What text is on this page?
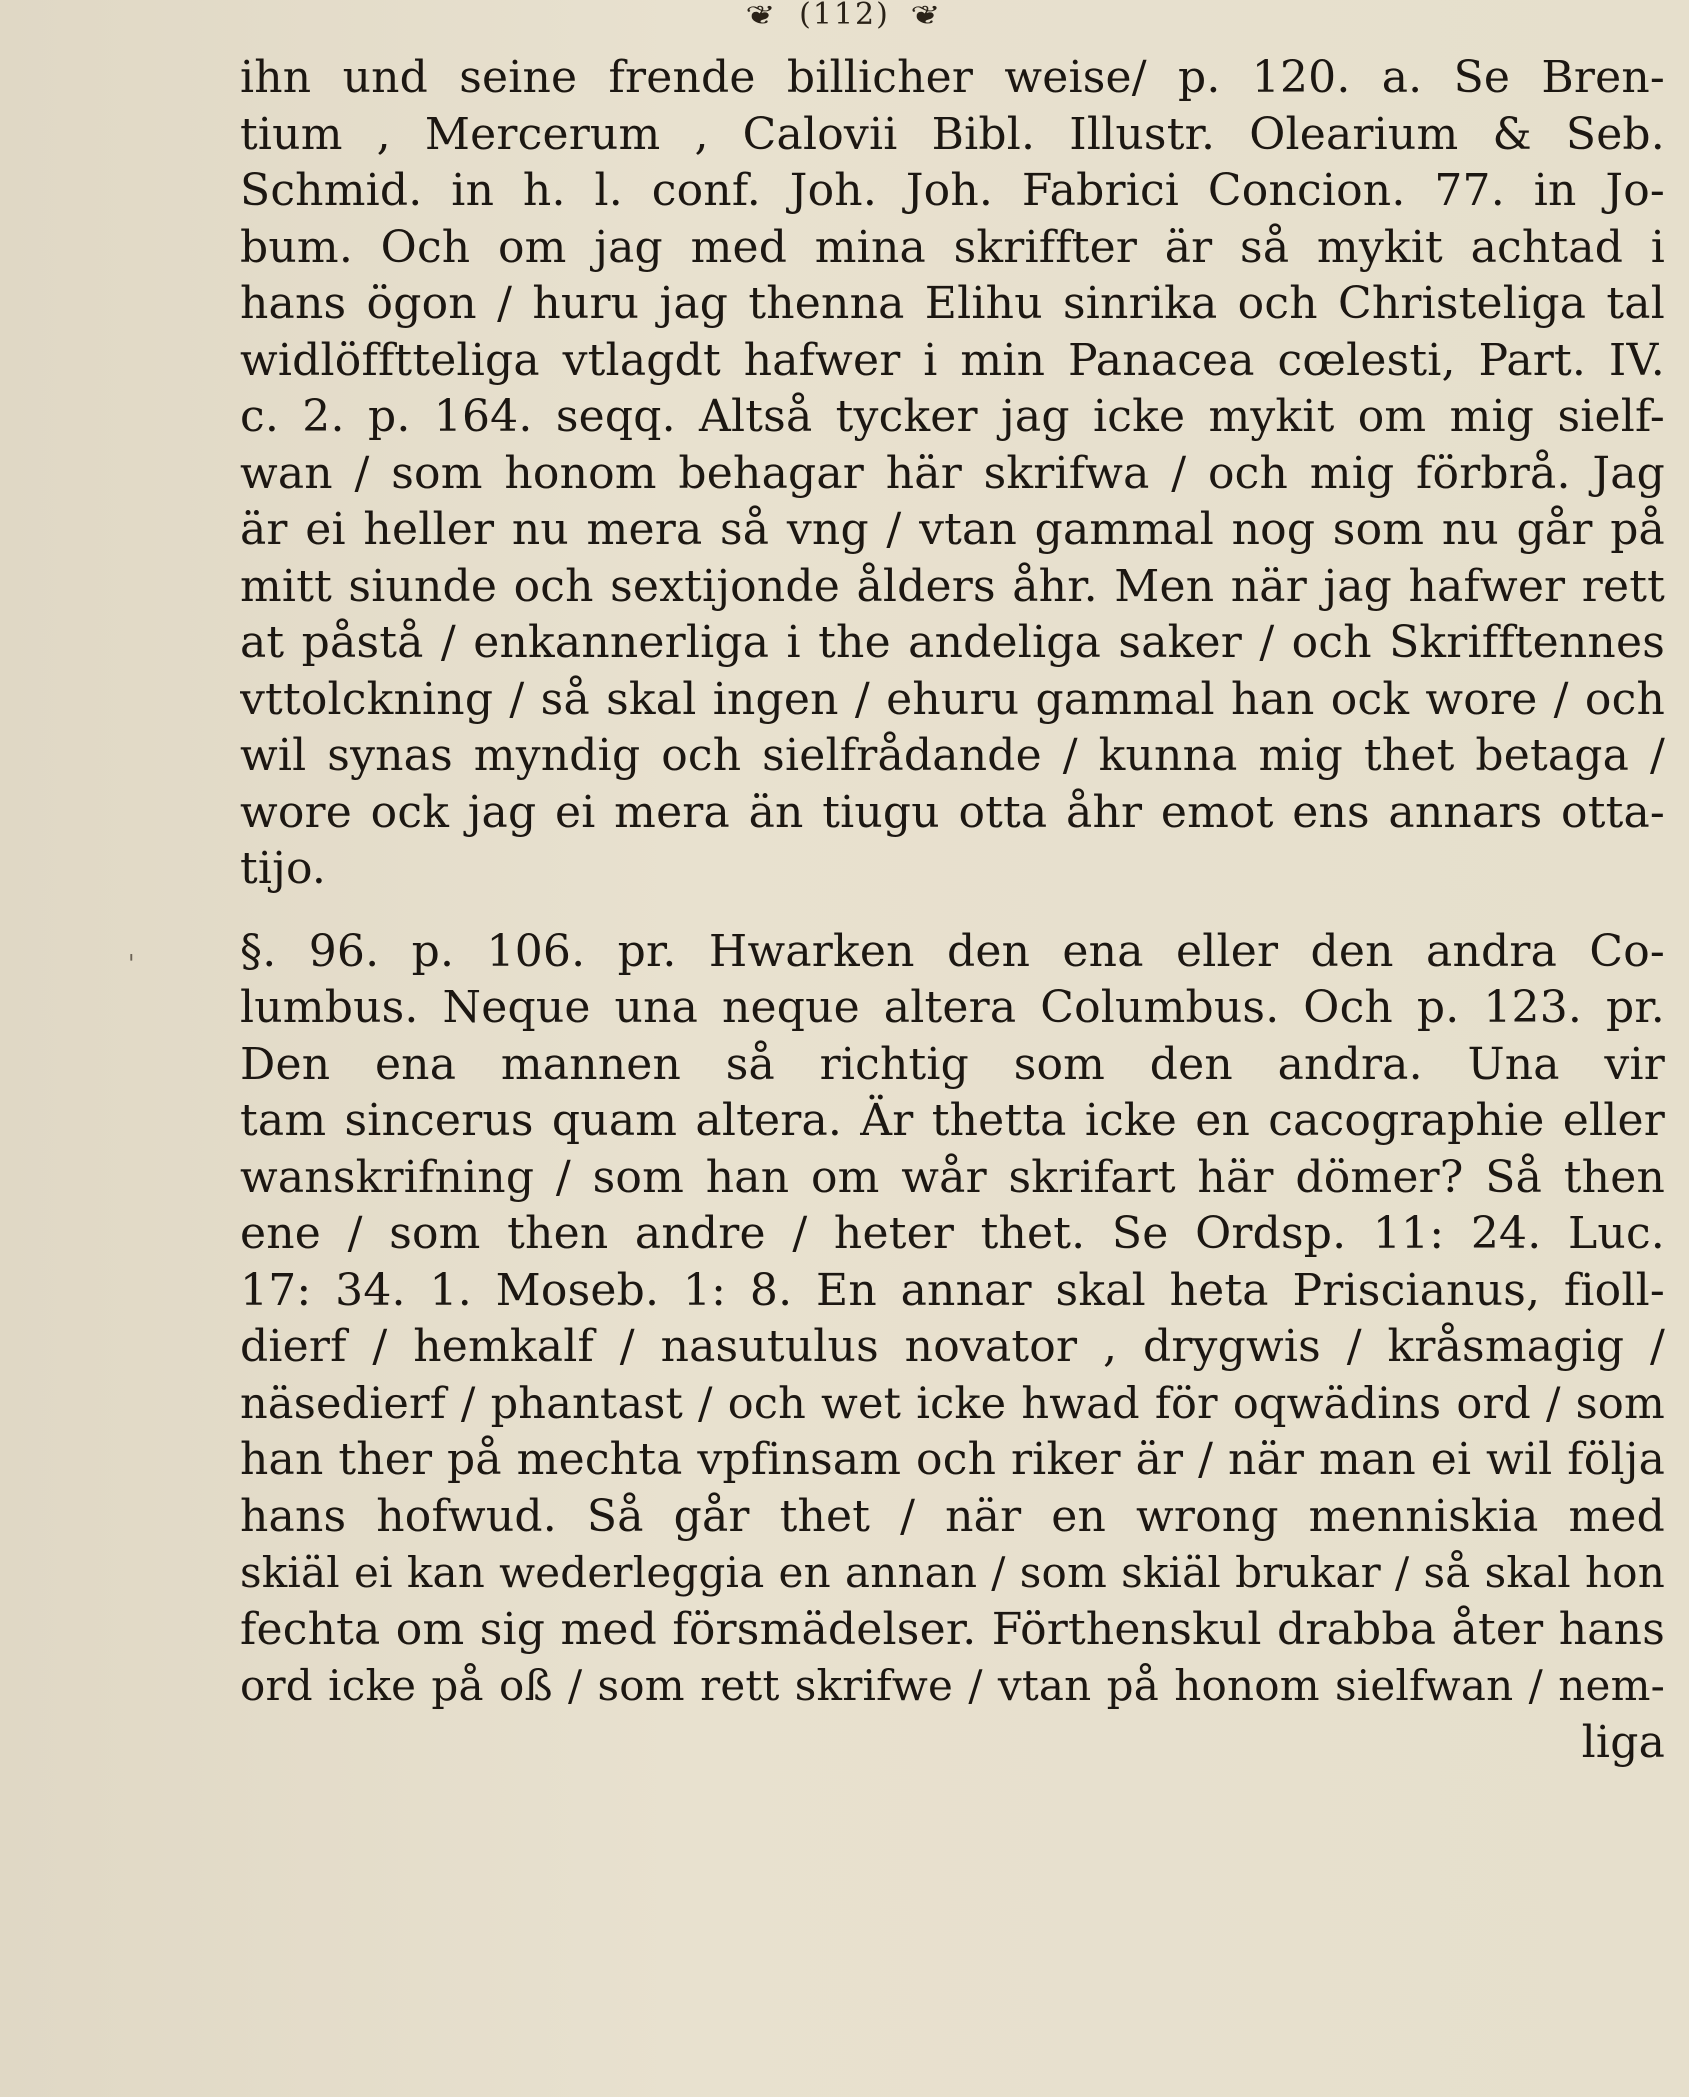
❦ (112) ❦
'
ihn und seine frende billicher weise/ p. 120. a. Se Bren-
tium , Mercerum , Calovii Bibl. Illustr. Olearium & Seb.
Schmid. in h. l. conf. Joh. Joh. Fabrici Concion. 77. in Jo-
bum. Och om jag med mina skriffter är så mykit achtad i
hans ögon / huru jag thenna Elihu sinrika och Christeliga tal
widlöfftteliga vtlagdt hafwer i min Panacea cœlesti, Part. IV.
c. 2. p. 164. seqq. Altså tycker jag icke mykit om mig sielf-
wan / som honom behagar här skrifwa / och mig förbrå. Jag
är ei heller nu mera så vng / vtan gammal nog som nu går på
mitt siunde och sextijonde ålders åhr. Men när jag hafwer rett
at påstå / enkannerliga i the andeliga saker / och Skrifftennes
vttolckning / så skal ingen / ehuru gammal han ock wore / och
wil synas myndig och sielfrådande / kunna mig thet betaga /
wore ock jag ei mera än tiugu otta åhr emot ens annars otta-
tijo.
§. 96. p. 106. pr. Hwarken den ena eller den andra Co-
lumbus. Neque una neque altera Columbus. Och p. 123. pr.
Den ena mannen så richtig som den andra. Una vir
tam sincerus quam altera. Är thetta icke en cacographie eller
wanskrifning / som han om wår skrifart här dömer? Så then
ene / som then andre / heter thet. Se Ordsp. 11: 24. Luc.
17: 34. 1. Moseb. 1: 8. En annar skal heta Priscianus, fioll-
dierf / hemkalf / nasutulus novator , drygwis / kråsmagig /
näsedierf / phantast / och wet icke hwad för oqwädins ord / som
han ther på mechta vpfinsam och riker är / när man ei wil följa
hans hofwud. Så går thet / när en wrong menniskia med
skiäl ei kan wederleggia en annan / som skiäl brukar / så skal hon
fechta om sig med försmädelser. Förthenskul drabba åter hans
ord icke på oß / som rett skrifwe / vtan på honom sielfwan / nem-
liga
